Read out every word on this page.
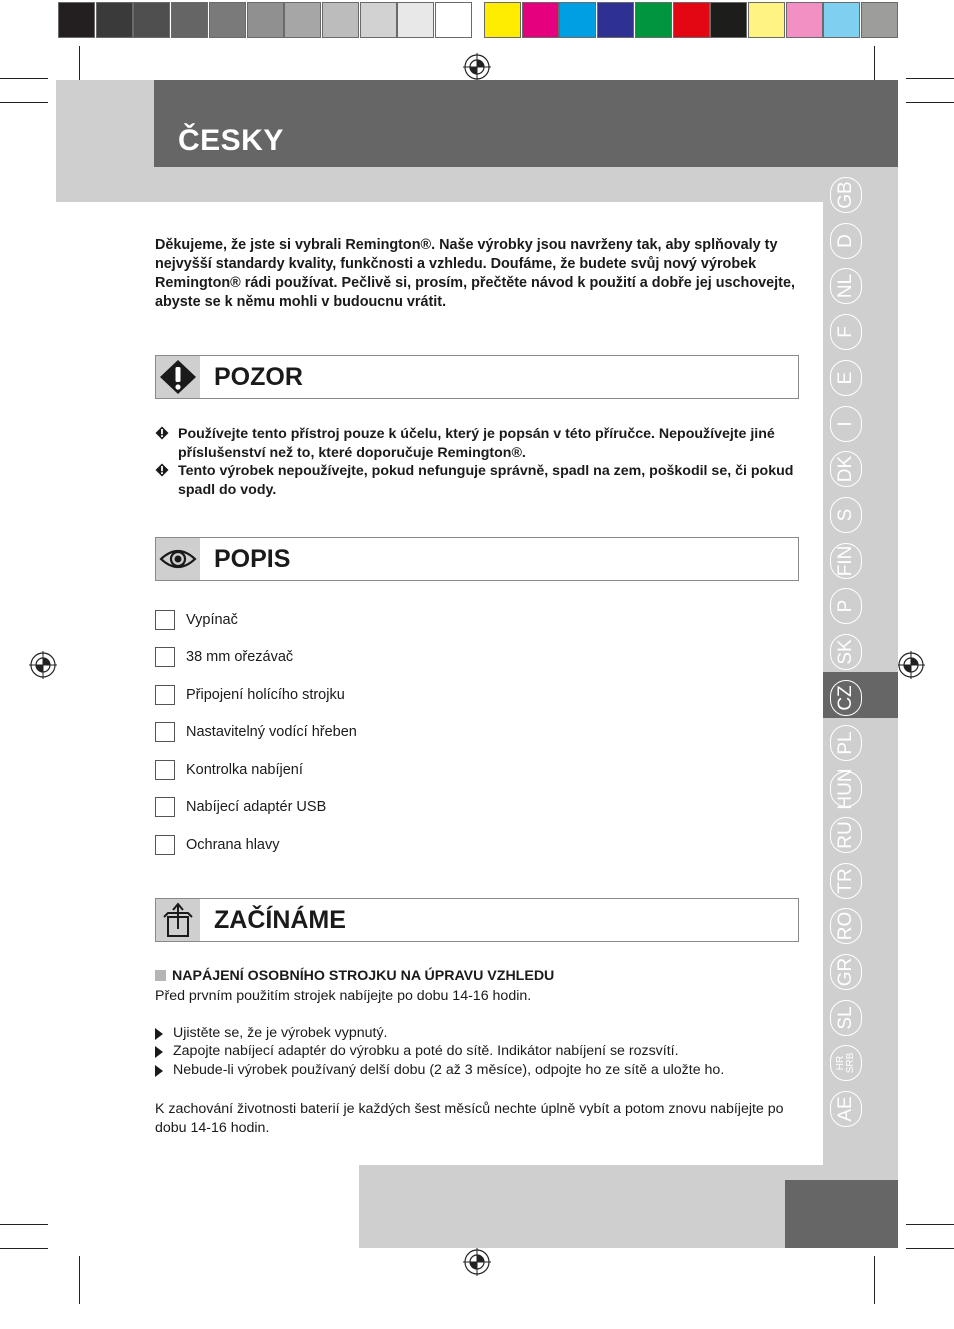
ČESKY
GB
D
NL
F
E
I
DK
S
FIN
P
SK
CZ
PL
HUN
RU
TR
RO
GR
SL
HR
SRB
AE
Děkujeme, že jste si vybrali Remington®. Naše výrobky jsou navrženy tak, aby splňovaly ty nejvyšší standardy kvality, funkčnosti a vzhledu. Doufáme, že budete svůj nový výrobek Remington® rádi používat. Pečlivě si, prosím, přečtěte návod k použití a dobře jej uschovejte, abyste se k němu mohli v budoucnu vrátit.
POZOR
Používejte tento přístroj pouze k účelu, který je popsán v této příručce. Nepoužívejte jiné příslušenství než to, které doporučuje Remington®.
Tento výrobek nepoužívejte, pokud nefunguje správně, spadl na zem, poškodil se, či pokud spadl do vody.
POPIS
Vypínač
38 mm ořezávač
Připojení holícího strojku
Nastavitelný vodící hřeben
Kontrolka nabíjení
Nabíjecí adaptér USB
Ochrana hlavy
ZAČÍNÁME
NAPÁJENÍ OSOBNÍHO STROJKU NA ÚPRAVU VZHLEDU
Před prvním použitím strojek nabíjejte po dobu 14-16 hodin.
Ujistěte se, že je výrobek vypnutý.
Zapojte nabíjecí adaptér do výrobku a poté do sítě. Indikátor nabíjení se rozsvítí.
Nebude-li výrobek používaný delší dobu (2 až 3 měsíce), odpojte ho ze sítě a uložte ho.
K zachování životnosti baterií je každých šest měsíců nechte úplně vybít a potom znovu nabíjejte po dobu 14-16 hodin.
